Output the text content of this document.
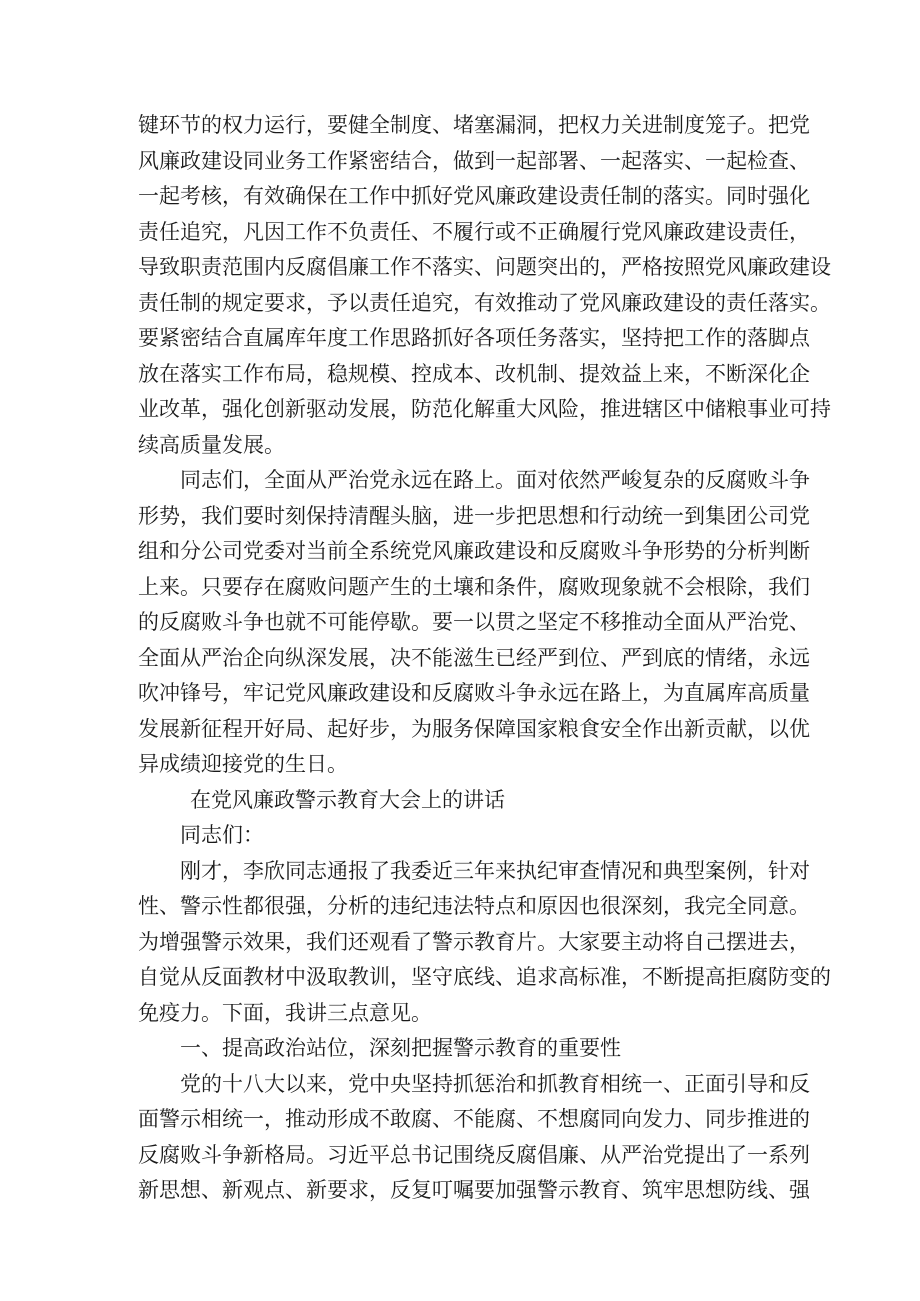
键环节的权力运行，要健全制度、堵塞漏洞，把权力关进制度笼子。把党
风廉政建设同业务工作紧密结合，做到一起部署、一起落实、一起检查、
一起考核，有效确保在工作中抓好党风廉政建设责任制的落实。同时强化
责任追究，凡因工作不负责任、不履行或不正确履行党风廉政建设责任，
导致职责范围内反腐倡廉工作不落实、问题突出的，严格按照党风廉政建设
责任制的规定要求，予以责任追究，有效推动了党风廉政建设的责任落实。
要紧密结合直属库年度工作思路抓好各项任务落实，坚持把工作的落脚点
放在落实工作布局，稳规模、控成本、改机制、提效益上来，不断深化企
业改革，强化创新驱动发展，防范化解重大风险，推进辖区中储粮事业可持
续高质量发展。
同志们，全面从严治党永远在路上。面对依然严峻复杂的反腐败斗争
形势，我们要时刻保持清醒头脑，进一步把思想和行动统一到集团公司党
组和分公司党委对当前全系统党风廉政建设和反腐败斗争形势的分析判断
上来。只要存在腐败问题产生的土壤和条件，腐败现象就不会根除，我们
的反腐败斗争也就不可能停歇。要一以贯之坚定不移推动全面从严治党、
全面从严治企向纵深发展，决不能滋生已经严到位、严到底的情绪，永远
吹冲锋号，牢记党风廉政建设和反腐败斗争永远在路上，为直属库高质量
发展新征程开好局、起好步，为服务保障国家粮食安全作出新贡献，以优
异成绩迎接党的生日。
在党风廉政警示教育大会上的讲话
同志们：
刚才，李欣同志通报了我委近三年来执纪审查情况和典型案例，针对
性、警示性都很强，分析的违纪违法特点和原因也很深刻，我完全同意。
为增强警示效果，我们还观看了警示教育片。大家要主动将自己摆进去，
自觉从反面教材中汲取教训，坚守底线、追求高标准，不断提高拒腐防变的
免疫力。下面，我讲三点意见。
一、提高政治站位，深刻把握警示教育的重要性
党的十八大以来，党中央坚持抓惩治和抓教育相统一、正面引导和反
面警示相统一，推动形成不敢腐、不能腐、不想腐同向发力、同步推进的
反腐败斗争新格局。习近平总书记围绕反腐倡廉、从严治党提出了一系列
新思想、新观点、新要求，反复叮嘱要加强警示教育、筑牢思想防线、强
